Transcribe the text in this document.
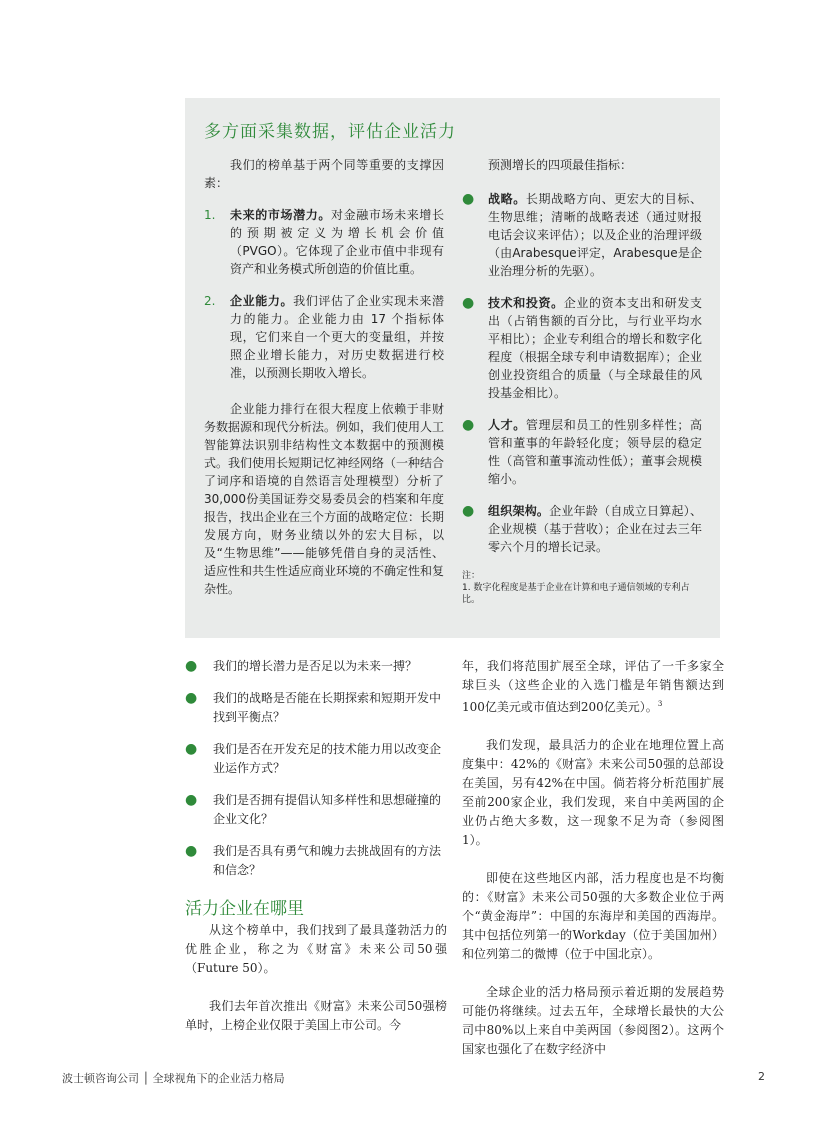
多方面采集数据，评估企业活力

我们的榜单基于两个同等重要的支撑因素：

1.	未来的市场潜力。对金融市场未来增长的预期被定义为增长机会价值（PVGO）。它体现了企业市值中非现有资产和业务模式所创造的价值比重。
2.	企业能力。我们评估了企业实现未来潜力的能力。企业能力由 17 个指标体现，它们来自一个更大的变量组，并按照企业增长能力，对历史数据进行校准，以预测长期收入增长。

企业能力排行在很大程度上依赖于非财务数据源和现代分析法。例如，我们使用人工智能算法识别非结构性文本数据中的预测模式。我们使用长短期记忆神经网络（一种结合了词序和语境的自然语言处理模型）分析了30,000份美国证券交易委员会的档案和年度报告，找出企业在三个方面的战略定位：长期发展方向，财务业绩以外的宏大目标，以及“生物思维”——能够凭借自身的灵活性、适应性和共生性适应商业环境的不确定性和复杂性。

预测增长的四项最佳指标：

●	战略。长期战略方向、更宏大的目标、生物思维；清晰的战略表述（通过财报电话会议来评估）；以及企业的治理评级（由Arabesque评定，Arabesque是企业治理分析的先驱）。
●	技术和投资。企业的资本支出和研发支出（占销售额的百分比，与行业平均水平相比）；企业专利组合的增长和数字化程度（根据全球专利申请数据库）；企业创业投资组合的质量（与全球最佳的风投基金相比）。
●	人才。管理层和员工的性别多样性；高管和董事的年龄轻化度；领导层的稳定性（高管和董事流动性低）；董事会规模缩小。
●	组织架构。企业年龄（自成立日算起）、企业规模（基于营收）；企业在过去三年零六个月的增长记录。
注：
1. 数字化程度是基于企业在计算和电子通信领域的专利占比。
●	我们的增长潜力是否足以为未来一搏？
●	我们的战略是否能在长期探索和短期开发中找到平衡点？
●	我们是否在开发充足的技术能力用以改变企业运作方式？
●	我们是否拥有提倡认知多样性和思想碰撞的企业文化？
●	我们是否具有勇气和魄力去挑战固有的方法和信念？
活力企业在哪里

从这个榜单中，我们找到了最具蓬勃活力的优胜企业，称之为《财富》未来公司50强（Future 50）。

我们去年首次推出《财富》未来公司50强榜单时，上榜企业仅限于美国上市公司。今

年，我们将范围扩展至全球，评估了一千多家全球巨头（这些企业的入选门槛是年销售额达到100亿美元或市值达到200亿美元）。$^3$

我们发现，最具活力的企业在地理位置上高度集中：42%的《财富》未来公司50强的总部设在美国，另有42%在中国。倘若将分析范围扩展至前200家企业，我们发现，来自中美两国的企业仍占绝大多数，这一现象不足为奇（参阅图1）。

即使在这些地区内部，活力程度也是不均衡的：《财富》未来公司50强的大多数企业位于两个“黄金海岸”：中国的东海岸和美国的西海岸。其中包括位列第一的Workday（位于美国加州）和位列第二的微博（位于中国北京）。

全球企业的活力格局预示着近期的发展趋势可能仍将继续。过去五年，全球增长最快的大公司中80%以上来自中美两国（参阅图2）。这两个国家也强化了在数字经济中

波士顿咨询公司 │ 全球视角下的企业活力格局	2
